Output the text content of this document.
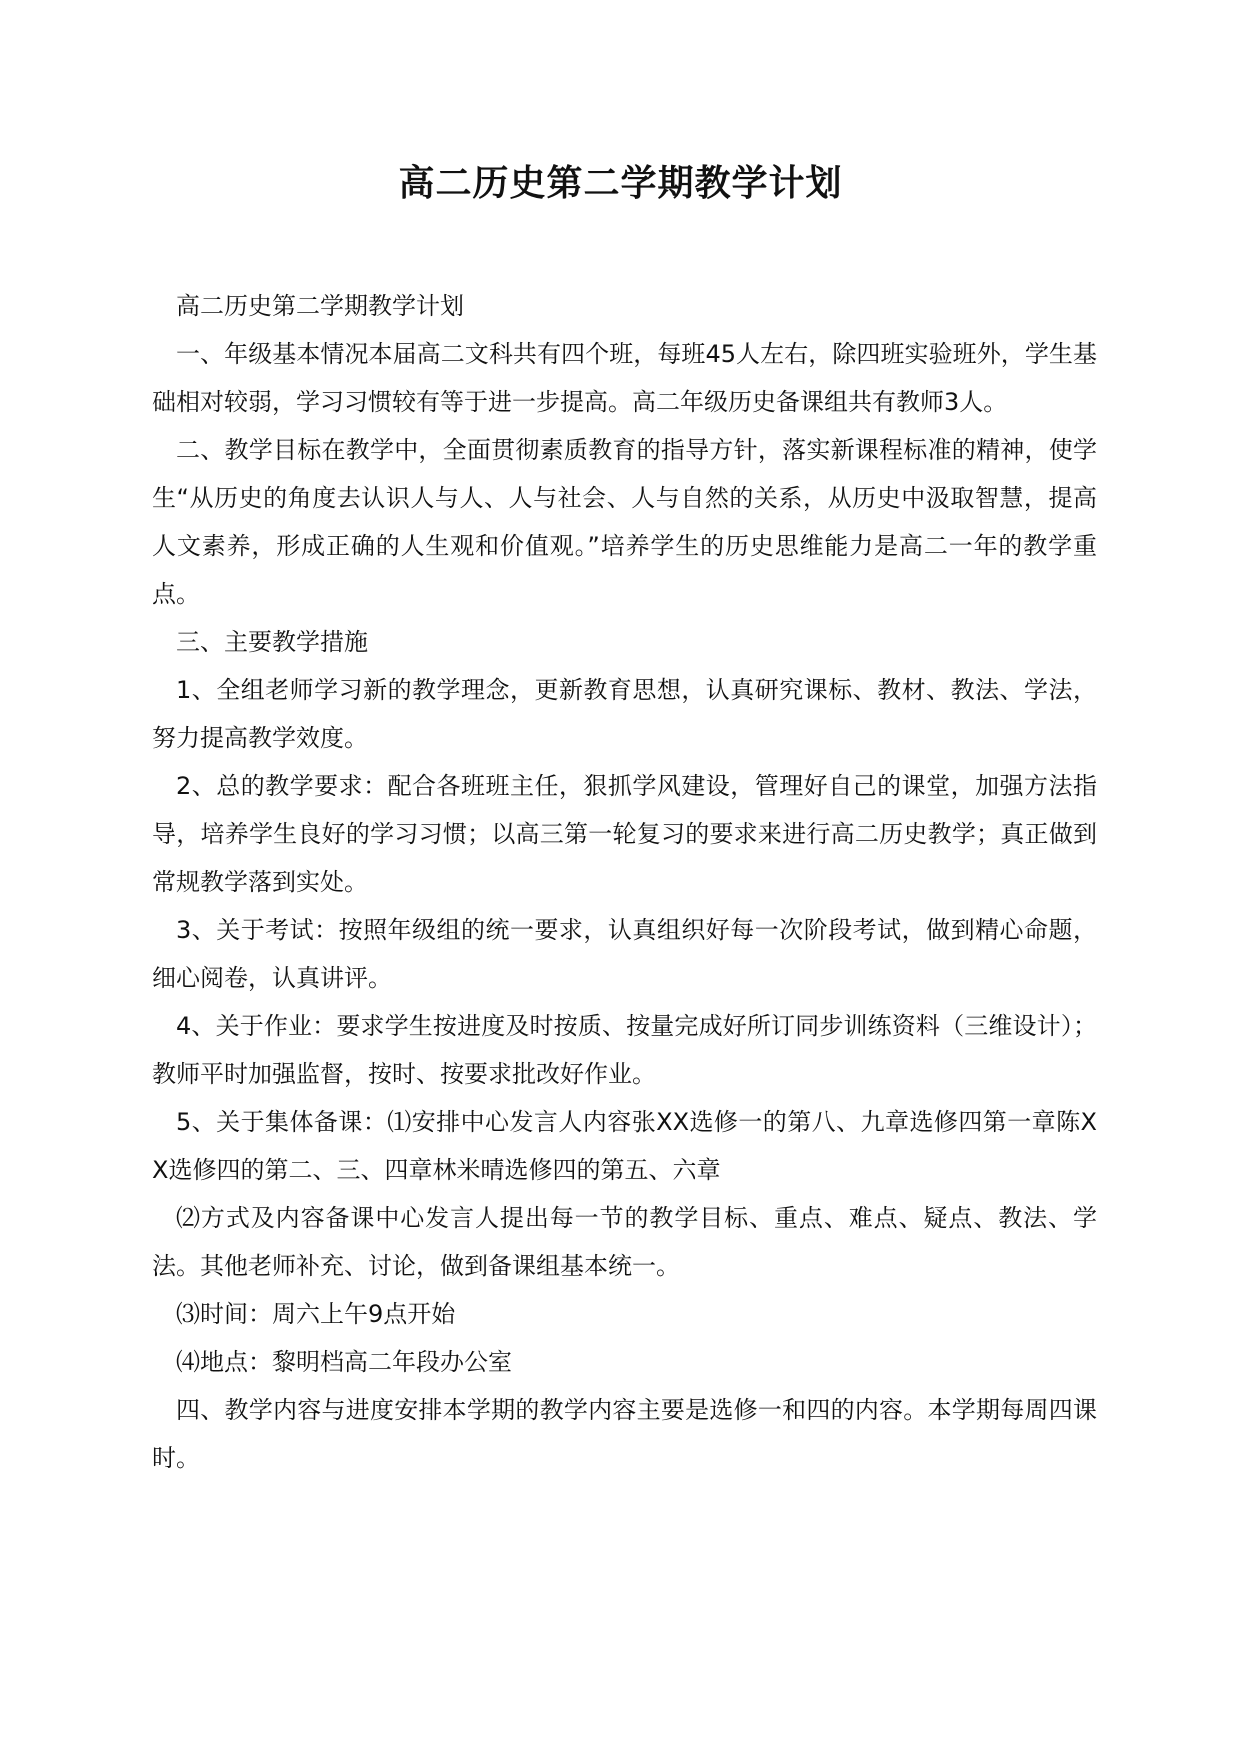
高二历史第二学期教学计划

高二历史第二学期教学计划

一、年级基本情况本届高二文科共有四个班，每班45人左右，除四班实验班外，学生基础相对较弱，学习习惯较有等于进一步提高。高二年级历史备课组共有教师3人。

二、教学目标在教学中，全面贯彻素质教育的指导方针，落实新课程标准的精神，使学生“从历史的角度去认识人与人、人与社会、人与自然的关系，从历史中汲取智慧，提高人文素养，形成正确的人生观和价值观。”培养学生的历史思维能力是高二一年的教学重点。

三、主要教学措施

1、全组老师学习新的教学理念，更新教育思想，认真研究课标、教材、教法、学法，努力提高教学效度。

2、总的教学要求：配合各班班主任，狠抓学风建设，管理好自己的课堂，加强方法指导，培养学生良好的学习习惯；以高三第一轮复习的要求来进行高二历史教学；真正做到常规教学落到实处。

3、关于考试：按照年级组的统一要求，认真组织好每一次阶段考试，做到精心命题，细心阅卷，认真讲评。

4、关于作业：要求学生按进度及时按质、按量完成好所订同步训练资料（三维设计）；教师平时加强监督，按时、按要求批改好作业。

5、关于集体备课：⑴安排中心发言人内容张XX选修一的第八、九章选修四第一章陈XX选修四的第二、三、四章林米晴选修四的第五、六章

⑵方式及内容备课中心发言人提出每一节的教学目标、重点、难点、疑点、教法、学法。其他老师补充、讨论，做到备课组基本统一。

⑶时间：周六上午9点开始

⑷地点：黎明档高二年段办公室

四、教学内容与进度安排本学期的教学内容主要是选修一和四的内容。本学期每周四课时。
